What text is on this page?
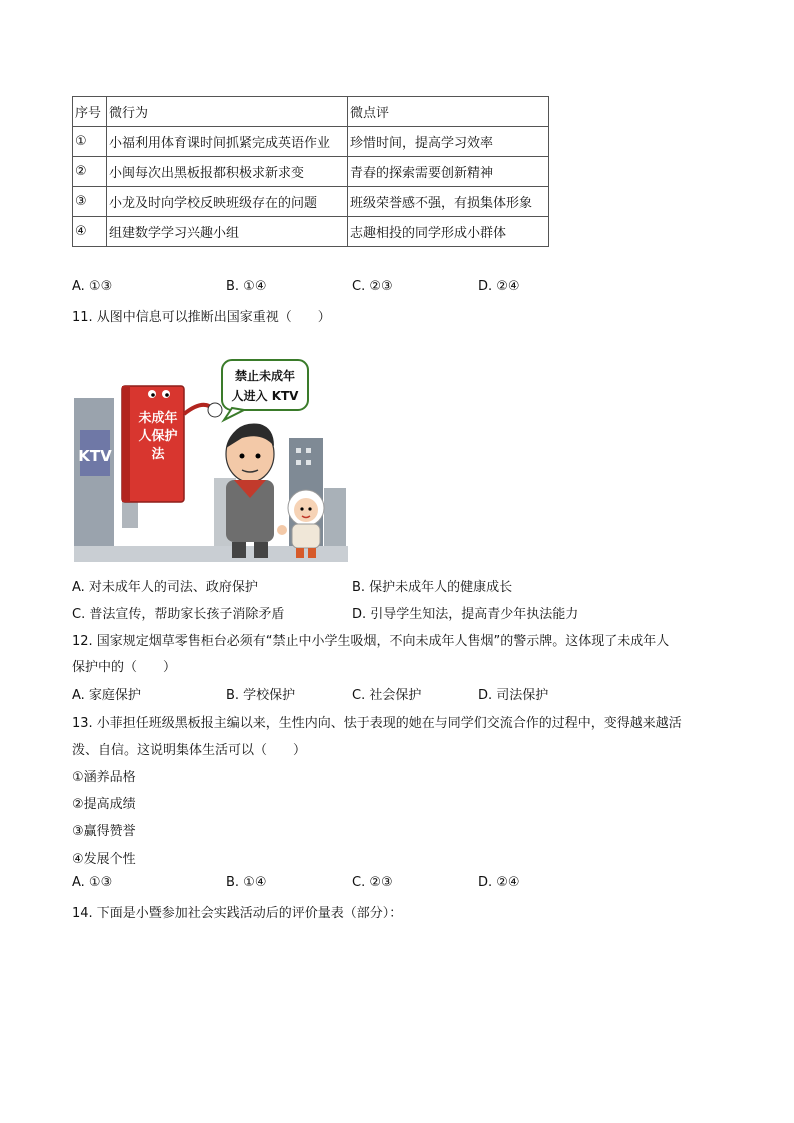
序号	微行为	微点评
①	小福利用体育课时间抓紧完成英语作业	珍惜时间，提高学习效率
②	小闽每次出黑板报都积极求新求变	青春的探索需要创新精神
③	小龙及时向学校反映班级存在的问题	班级荣誉感不强，有损集体形象
④	组建数学学习兴趣小组	志趣相投的同学形成小群体
A. ①③	B. ①④	C. ②③	D. ②④
11. 从图中信息可以推断出国家重视（　　）
KTV
未成年
人保护
法
禁止未成年
人进入 KTV
A. 对未成年人的司法、政府保护	B. 保护未成年人的健康成长
C. 普法宣传，帮助家长孩子消除矛盾	D. 引导学生知法，提高青少年执法能力
12. 国家规定烟草零售柜台必须有“禁止中小学生吸烟，不向未成年人售烟”的警示牌。这体现了未成年人
保护中的（　　）
A. 家庭保护	B. 学校保护	C. 社会保护	D. 司法保护
13. 小菲担任班级黑板报主编以来，生性内向、怯于表现的她在与同学们交流合作的过程中，变得越来越活
泼、自信。这说明集体生活可以（　　）
①涵养品格
②提高成绩
③赢得赞誉
④发展个性
A. ①③	B. ①④	C. ②③	D. ②④
14. 下面是小暨参加社会实践活动后的评价量表（部分）：
